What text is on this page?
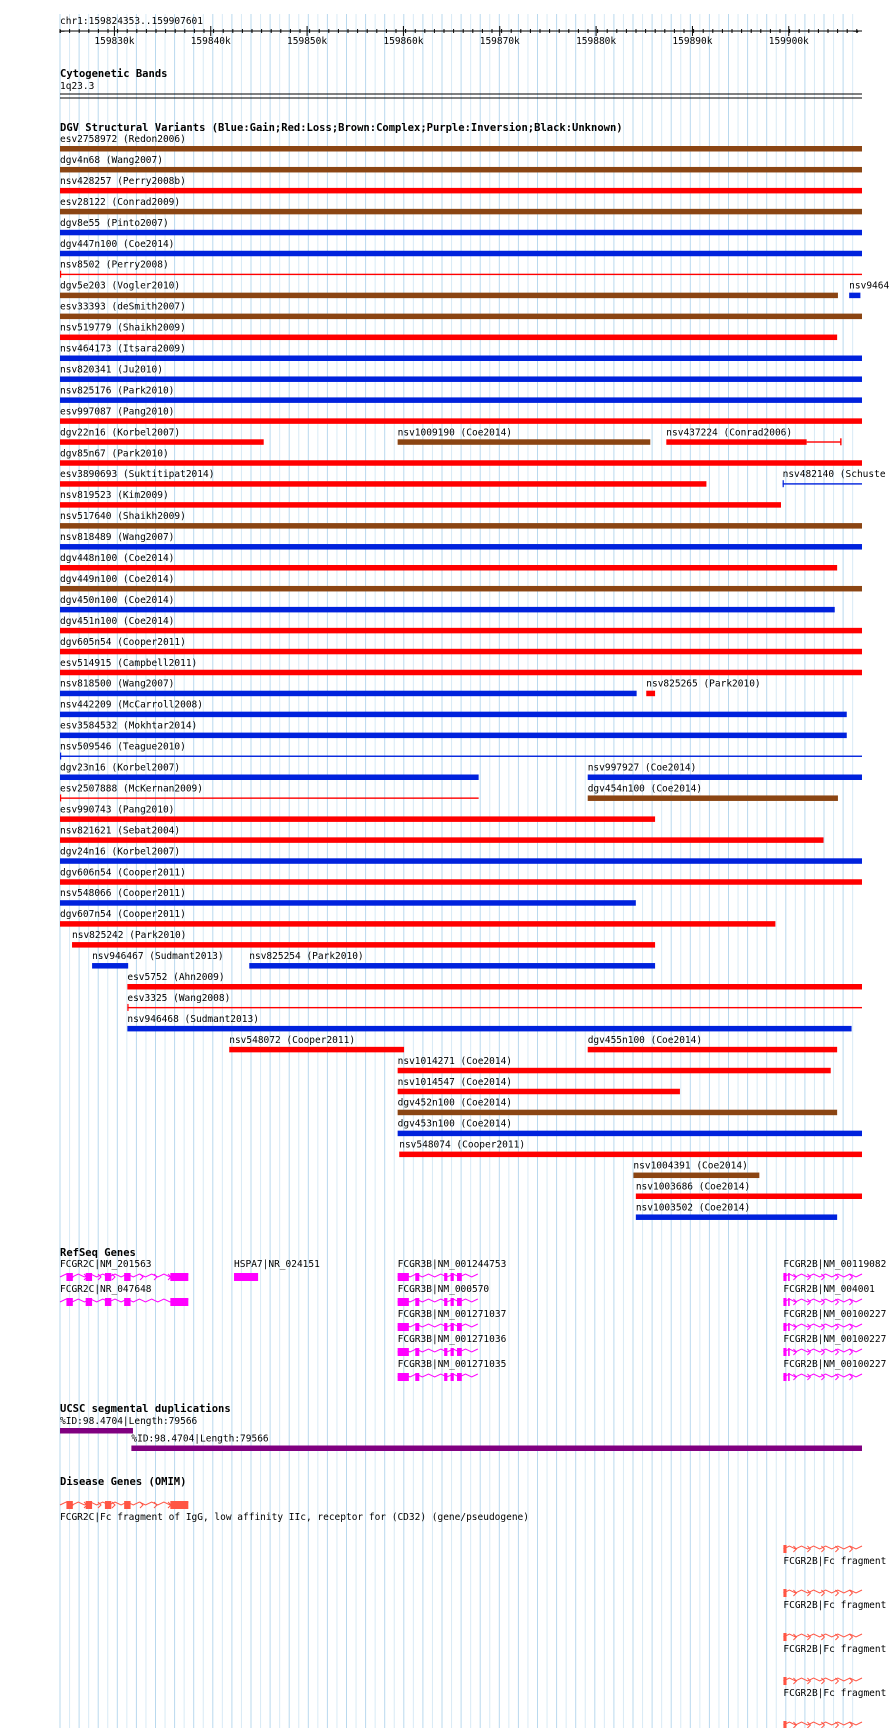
chr1:159824353..159907601
159830k	159840k	159850k	159860k	159870k	159880k	159890k	159900k
←	→
Cytogenetic Bands
1q23.3
DGV Structural Variants (Blue:Gain;Red:Loss;Brown:Complex;Purple:Inversion;Black:Unknown)
esv2758972 (Redon2006)
dgv4n68 (Wang2007)
nsv428257 (Perry2008b)
esv28122 (Conrad2009)
dgv8e55 (Pinto2007)
dgv447n100 (Coe2014)
nsv8502 (Perry2008)
dgv5e203 (Vogler2010)	nsv9464
esv33393 (deSmith2007)
nsv519779 (Shaikh2009)
nsv464173 (Itsara2009)
nsv820341 (Ju2010)
nsv825176 (Park2010)
esv997087 (Pang2010)
dgv22n16 (Korbel2007)	nsv1009190 (Coe2014)	nsv437224 (Conrad2006)
dgv85n67 (Park2010)
esv3890693 (Suktitipat2014)	nsv482140 (Schuste
nsv819523 (Kim2009)
nsv517640 (Shaikh2009)
nsv818489 (Wang2007)
dgv448n100 (Coe2014)
dgv449n100 (Coe2014)
dgv450n100 (Coe2014)
dgv451n100 (Coe2014)
dgv605n54 (Cooper2011)
esv514915 (Campbell2011)
nsv818500 (Wang2007)	nsv825265 (Park2010)
nsv442209 (McCarroll2008)
esv3584532 (Mokhtar2014)
nsv509546 (Teague2010)
dgv23n16 (Korbel2007)	nsv997927 (Coe2014)
esv2507888 (McKernan2009)	dgv454n100 (Coe2014)
esv990743 (Pang2010)
nsv821621 (Sebat2004)
dgv24n16 (Korbel2007)
dgv606n54 (Cooper2011)
nsv548066 (Cooper2011)
dgv607n54 (Cooper2011)
nsv825242 (Park2010)
nsv946467 (Sudmant2013)	nsv825254 (Park2010)
esv5752 (Ahn2009)
esv3325 (Wang2008)
nsv946468 (Sudmant2013)
nsv548072 (Cooper2011)	dgv455n100 (Coe2014)
nsv1014271 (Coe2014)
nsv1014547 (Coe2014)
dgv452n100 (Coe2014)
dgv453n100 (Coe2014)
nsv548074 (Cooper2011)
nsv1004391 (Coe2014)
nsv1003686 (Coe2014)
nsv1003502 (Coe2014)
RefSeq Genes
FCGR2C|NM_201563
FCGR2C|NR_047648
HSPA7|NR_024151	FCGR3B|NM_001244753
FCGR3B|NM_000570
FCGR3B|NM_001271037
FCGR3B|NM_001271036
FCGR3B|NM_001271035
FCGR2B|NM_00119082
FCGR2B|NM_004001
FCGR2B|NM_00100227
FCGR2B|NM_00100227
FCGR2B|NM_00100227
UCSC segmental duplications
%ID:98.4704|Length:79566
%ID:98.4704|Length:79566
Disease Genes (OMIM)
FCGR2C|Fc fragment of IgG, low affinity IIc, receptor for (CD32) (gene/pseudogene)
FCGR2B|Fc fragment
FCGR2B|Fc fragment
FCGR2B|Fc fragment
FCGR2B|Fc fragment
